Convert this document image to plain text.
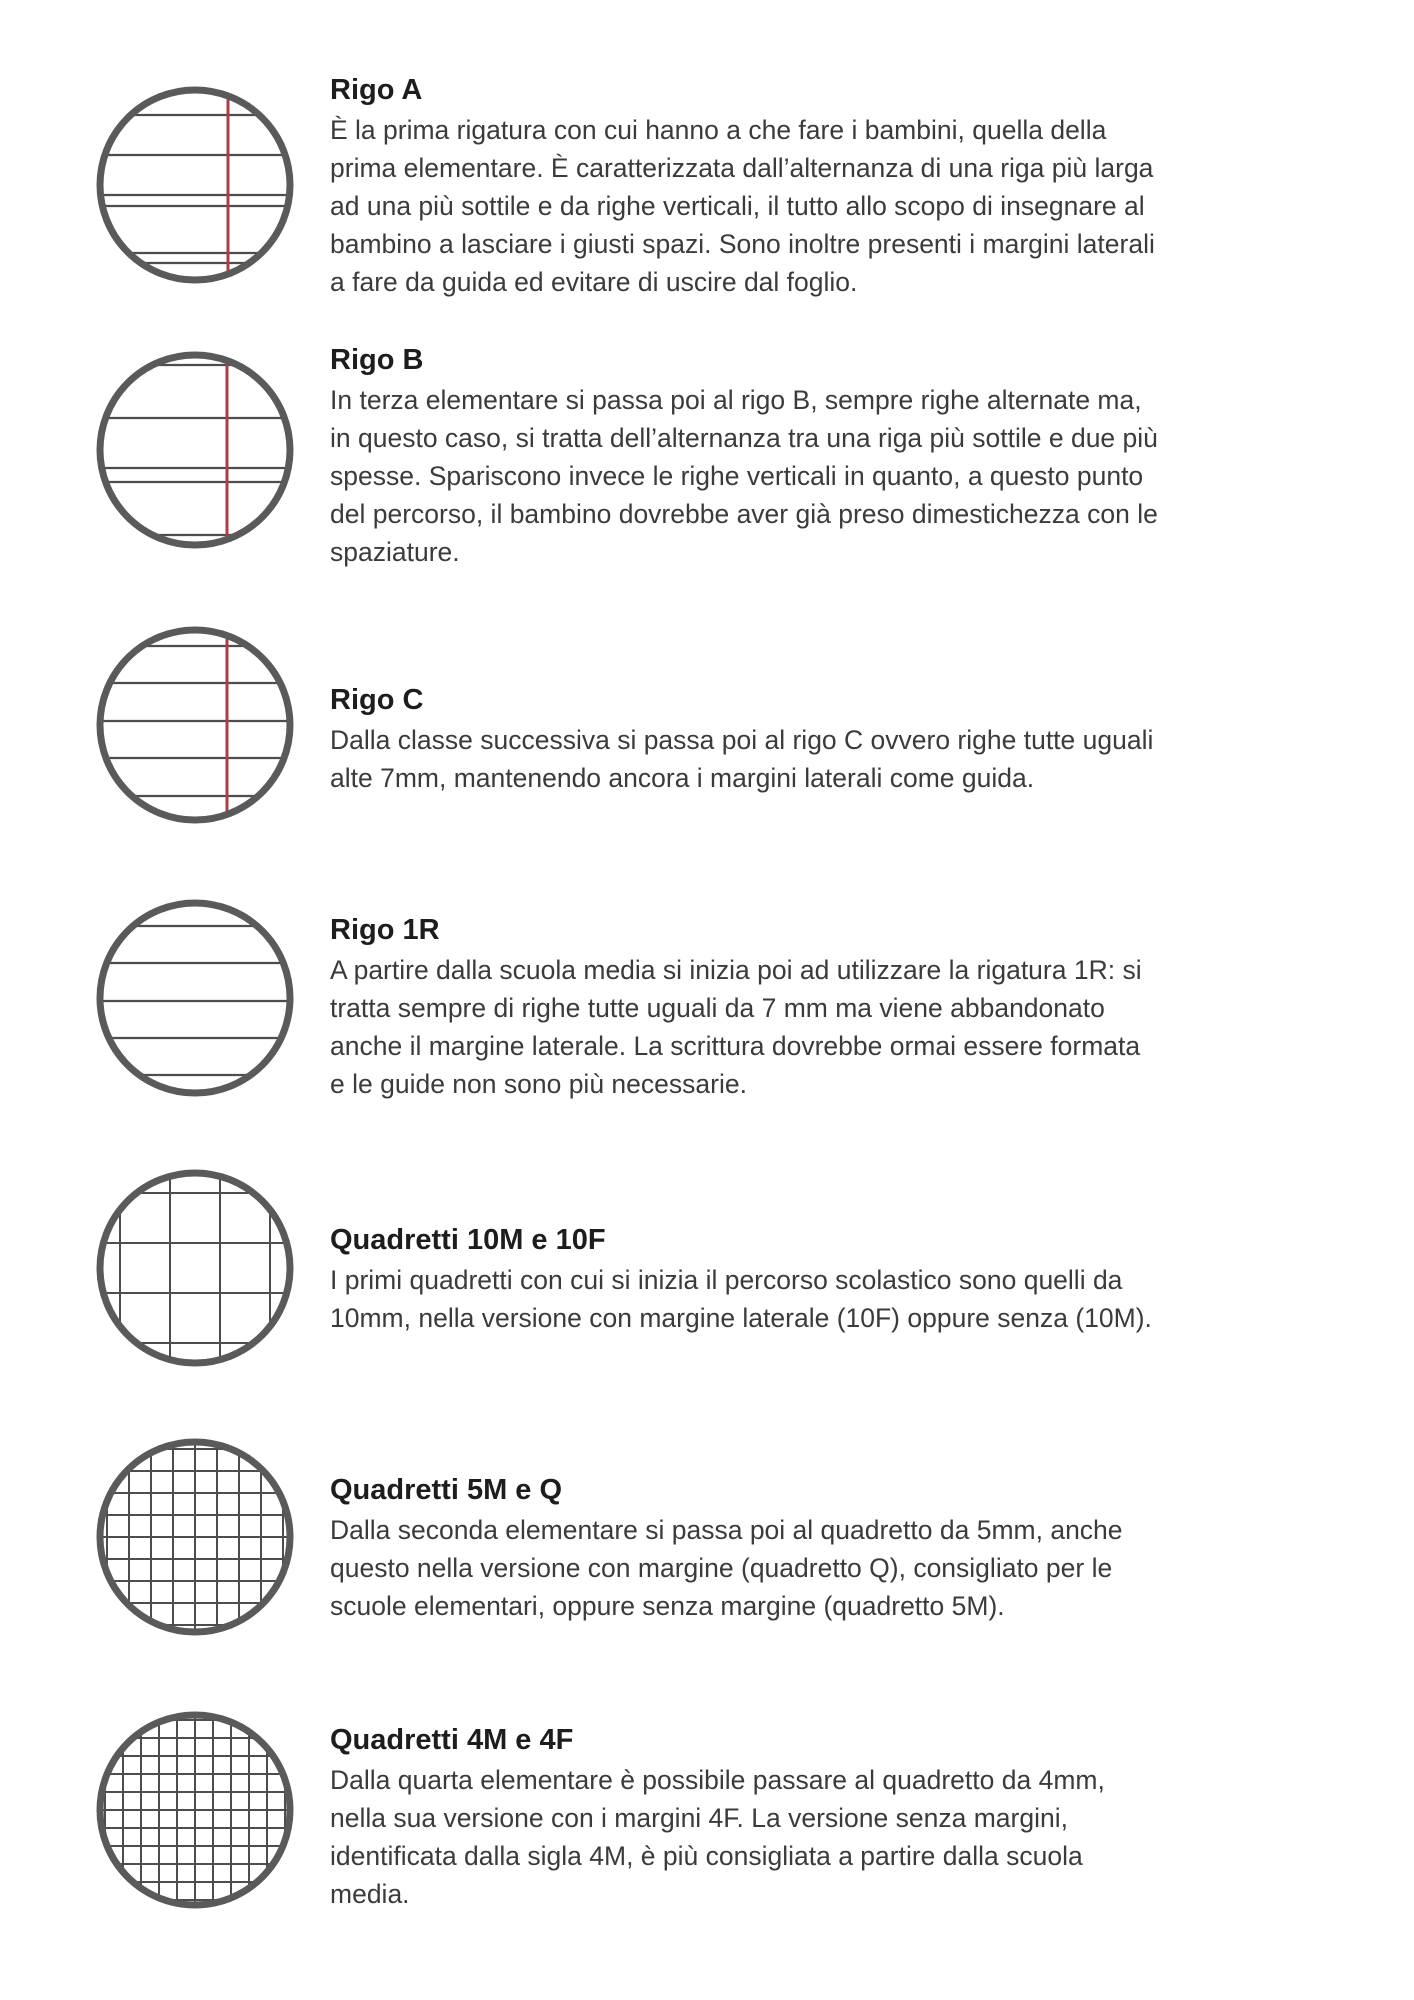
Rigo A
È la prima rigatura con cui hanno a che fare i bambini, quella della
prima elementare. È caratterizzata dall’alternanza di una riga più larga
ad una più sottile e da righe verticali, il tutto allo scopo di insegnare al
bambino a lasciare i giusti spazi. Sono inoltre presenti i margini laterali
a fare da guida ed evitare di uscire dal foglio.
Rigo B
In terza elementare si passa poi al rigo B, sempre righe alternate ma,
in questo caso, si tratta dell’alternanza tra una riga più sottile e due più
spesse. Spariscono invece le righe verticali in quanto, a questo punto
del percorso, il bambino dovrebbe aver già preso dimestichezza con le
spaziature.
Rigo C
Dalla classe successiva si passa poi al rigo C ovvero righe tutte uguali
alte 7mm, mantenendo ancora i margini laterali come guida.
Rigo 1R
A partire dalla scuola media si inizia poi ad utilizzare la rigatura 1R: si
tratta sempre di righe tutte uguali da 7 mm ma viene abbandonato
anche il margine laterale. La scrittura dovrebbe ormai essere formata
e le guide non sono più necessarie.
Quadretti 10M e 10F
I primi quadretti con cui si inizia il percorso scolastico sono quelli da
10mm, nella versione con margine laterale (10F) oppure senza (10M).
Quadretti 5M e Q
Dalla seconda elementare si passa poi al quadretto da 5mm, anche
questo nella versione con margine (quadretto Q), consigliato per le
scuole elementari, oppure senza margine (quadretto 5M).
Quadretti 4M e 4F
Dalla quarta elementare è possibile passare al quadretto da 4mm,
nella sua versione con i margini 4F. La versione senza margini,
identificata dalla sigla 4M, è più consigliata a partire dalla scuola
media.
